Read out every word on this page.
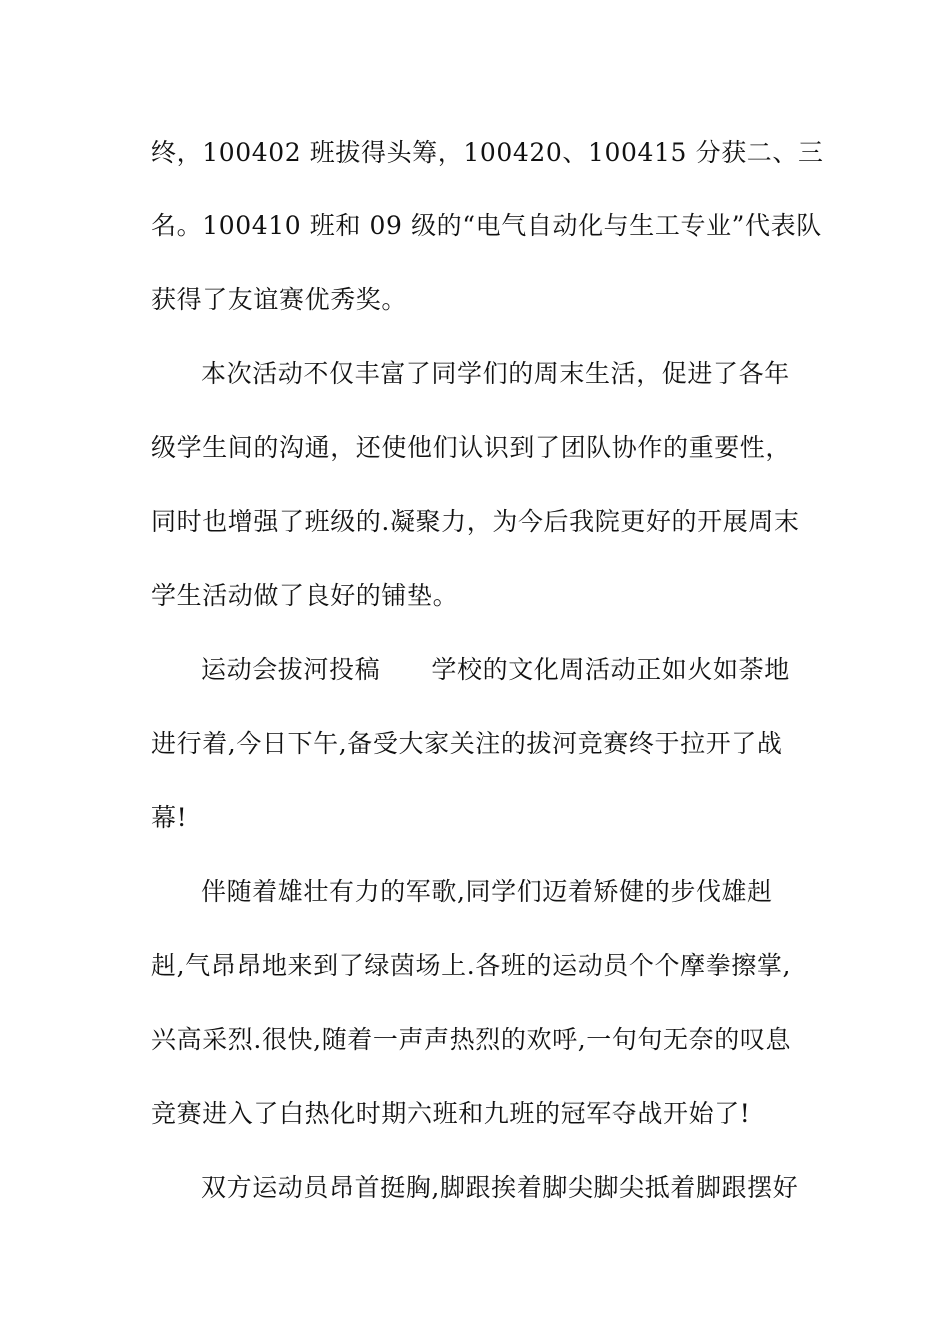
终，100402 班拔得头筹，100420、100415 分获二、三
名。100410 班和 09 级的“电气自动化与生工专业”代表队
获得了友谊赛优秀奖。
本次活动不仅丰富了同学们的周末生活，促进了各年
级学生间的沟通，还使他们认识到了团队协作的重要性，
同时也增强了班级的.凝聚力，为今后我院更好的开展周末
学生活动做了良好的铺垫。
运动会拔河投稿　　学校的文化周活动正如火如荼地
进行着,今日下午,备受大家关注的拔河竞赛终于拉开了战
幕!
伴随着雄壮有力的军歌,同学们迈着矫健的步伐雄赳
赳,气昂昂地来到了绿茵场上.各班的运动员个个摩拳擦掌,
兴高采烈.很快,随着一声声热烈的欢呼,一句句无奈的叹息
竞赛进入了白热化时期六班和九班的冠军夺战开始了!
双方运动员昂首挺胸,脚跟挨着脚尖脚尖抵着脚跟摆好
